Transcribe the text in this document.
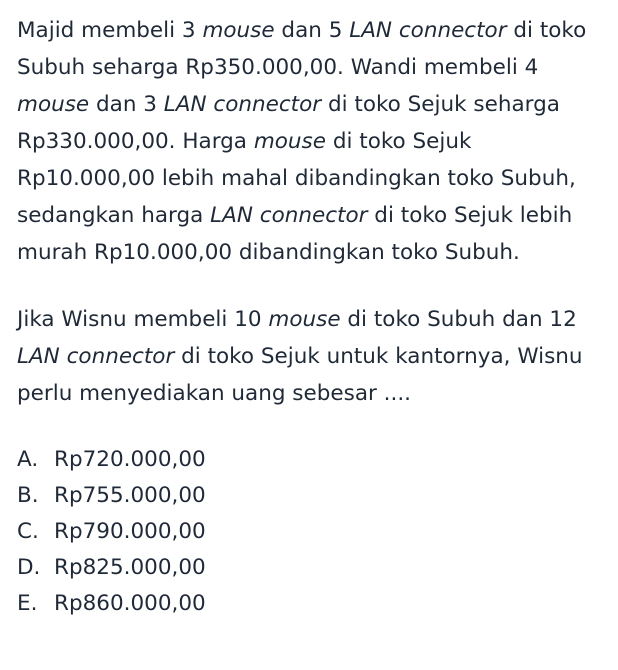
Majid membeli 3 mouse dan 5 LAN connector di toko Subuh seharga Rp350.000,00. Wandi membeli 4 mouse dan 3 LAN connector di toko Sejuk seharga Rp330.000,00. Harga mouse di toko Sejuk Rp10.000,00 lebih mahal dibandingkan toko Subuh, sedangkan harga LAN connector di toko Sejuk lebih murah Rp10.000,00 dibandingkan toko Subuh.

Jika Wisnu membeli 10 mouse di toko Subuh dan 12 LAN connector di toko Sejuk untuk kantornya, Wisnu perlu menyediakan uang sebesar ....

A. Rp720.000,00
B. Rp755.000,00
C. Rp790.000,00
D. Rp825.000,00
E. Rp860.000,00
